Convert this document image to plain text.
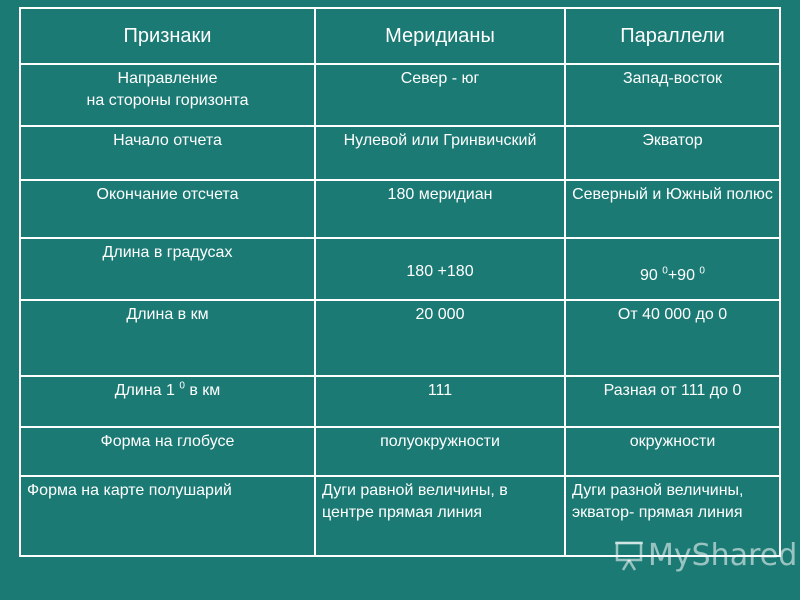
Признаки	Меридианы	Параллели

Направление
на стороны горизонта	Север - юг	Запад-восток
Начало отчета	Нулевой или Гринвичский	Экватор
Окончание отсчета	180 меридиан	Северный и Южный полюс
Длина в градусах	180 +180	90 $^0$+90 $^0$
Длина в км	20 000	От 40 000 до 0
Длина 1 $^0$ в км	111	Разная от 111 до 0
Форма на глобусе	полуокружности	окружности
Форма на карте полушарий	Дуги равной величины, в центре прямая линия	Дуги разной величины, экватор- прямая линия
MyShared
